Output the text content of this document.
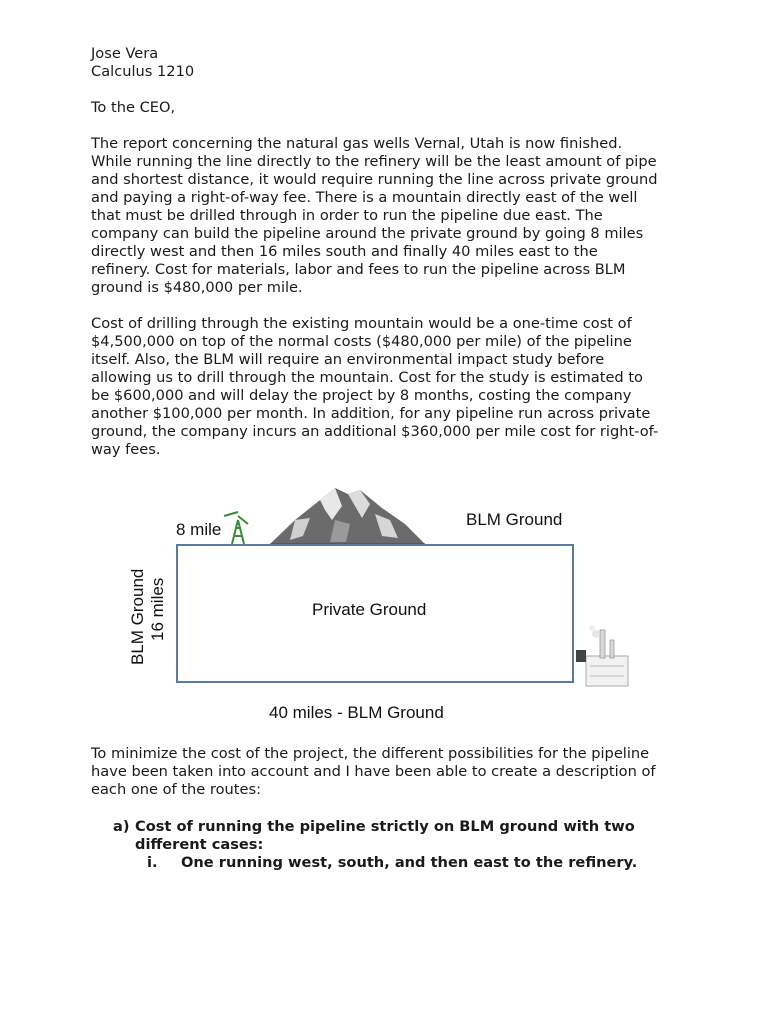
Jose Vera
Calculus 1210
To the CEO,
The report concerning the natural gas wells Vernal, Utah is now finished.
While running the line directly to the refinery will be the least amount of pipe
and shortest distance, it would require running the line across private ground
and paying a right-of-way fee. There is a mountain directly east of the well
that must be drilled through in order to run the pipeline due east. The
company can build the pipeline around the private ground by going 8 miles
directly west and then 16 miles south and finally 40 miles east to the
refinery. Cost for materials, labor and fees to run the pipeline across BLM
ground is $480,000 per mile.
Cost of drilling through the existing mountain would be a one-time cost of
$4,500,000 on top of the normal costs ($480,000 per mile) of the pipeline
itself. Also, the BLM will require an environmental impact study before
allowing us to drill through the mountain. Cost for the study is estimated to
be $600,000 and will delay the project by 8 months, costing the company
another $100,000 per month. In addition, for any pipeline run across private
ground, the company incurs an additional $360,000 per mile cost for right-of-
way fees.
8 mile
BLM Ground
Private Ground
40 miles - BLM Ground
BLM Ground 16 miles
To minimize the cost of the project, the different possibilities for the pipeline
have been taken into account and I have been able to create a description of
each one of the routes:
a) Cost of running the pipeline strictly on BLM ground with two
different cases:
i. One running west, south, and then east to the refinery.
